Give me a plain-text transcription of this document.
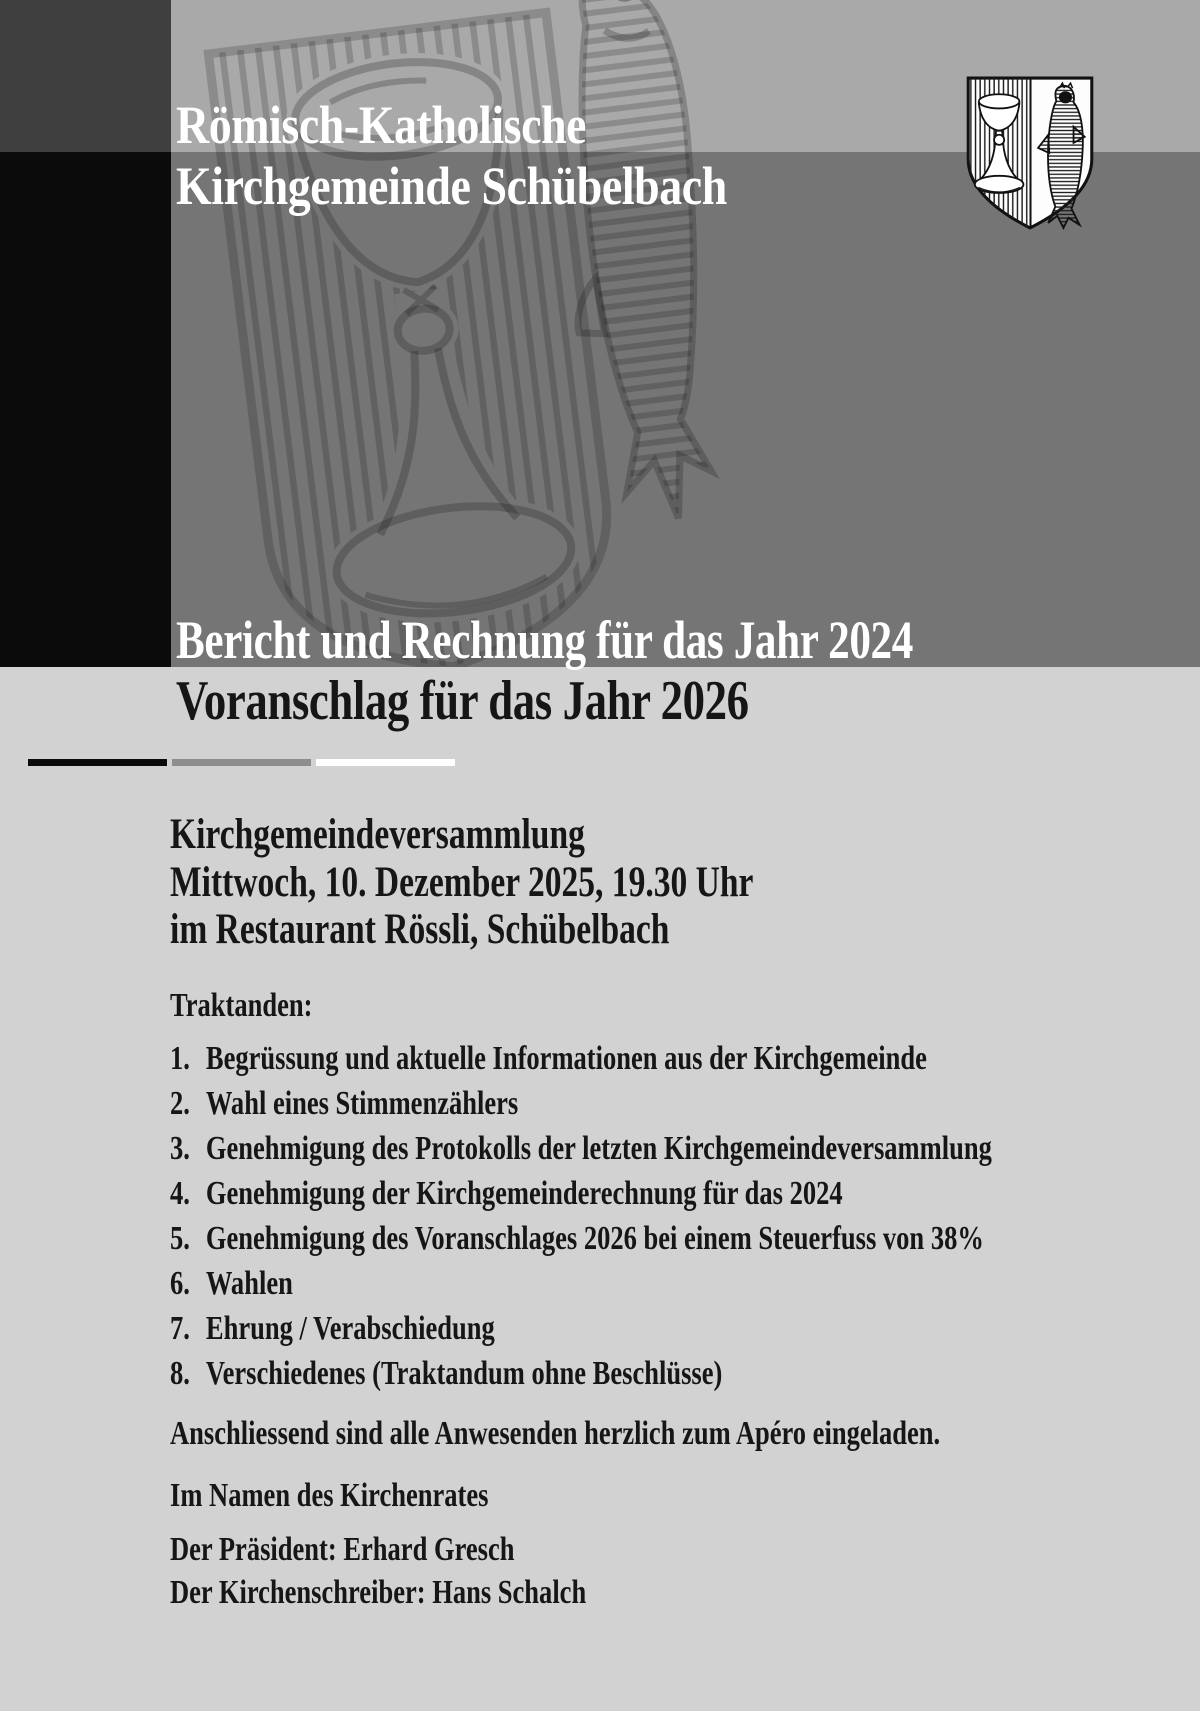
Römisch-Katholische
Kirchgemeinde Schübelbach
Bericht und Rechnung für das Jahr 2024
Voranschlag für das Jahr 2026
Kirchgemeindeversammlung
Mittwoch, 10. Dezember 2025, 19.30 Uhr
im Restaurant Rössli, Schübelbach
Traktanden:
1. Begrüssung und aktuelle Informationen aus der Kirchgemeinde
2. Wahl eines Stimmenzählers
3. Genehmigung des Protokolls der letzten Kirchgemeindeversammlung
4. Genehmigung der Kirchgemeinderechnung für das 2024
5. Genehmigung des Voranschlages 2026 bei einem Steuerfuss von 38%
6. Wahlen
7. Ehrung / Verabschiedung
8. Verschiedenes (Traktandum ohne Beschlüsse)
Anschliessend sind alle Anwesenden herzlich zum Apéro eingeladen.
Im Namen des Kirchenrates
Der Präsident: Erhard Gresch
Der Kirchenschreiber: Hans Schalch
